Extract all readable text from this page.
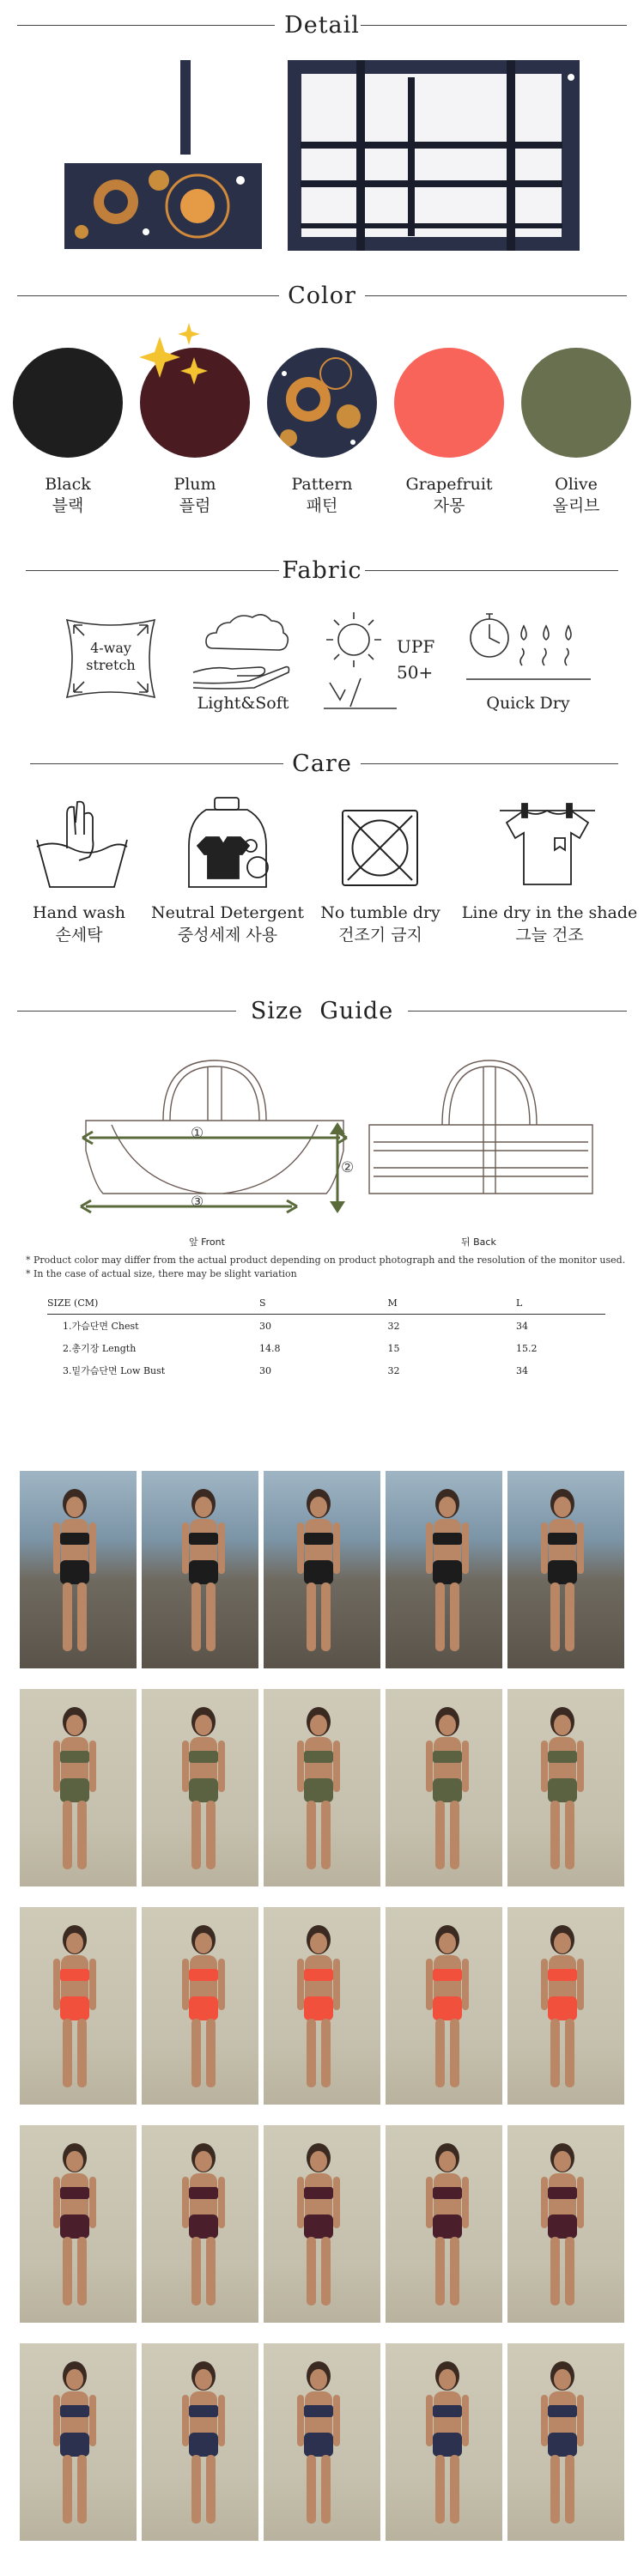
Detail
Color
Black
블랙
Plum
플럼
Pattern
패턴
Grapefruit
자몽
Olive
올리브
Fabric
4-way stretch
Light&Soft
UPF
50+
Quick Dry
Care
Hand wash
손세탁
Neutral Detergent
중성세제 사용
No tumble dry
건조기 금지
Line dry in the shade
그늘 건조
Size  Guide
①
③
②
앞 Front	뒤 Back
* Product color may differ from the actual product depending on product photograph and the resolution of the monitor used.
* In the case of actual size, there may be slight variation
SIZE (CM)	S	M	L
1.가슴단면 Chest	30	32	34
2.총기장 Length	14.8	15	15.2
3.밑가슴단면 Low Bust	30	32	34
